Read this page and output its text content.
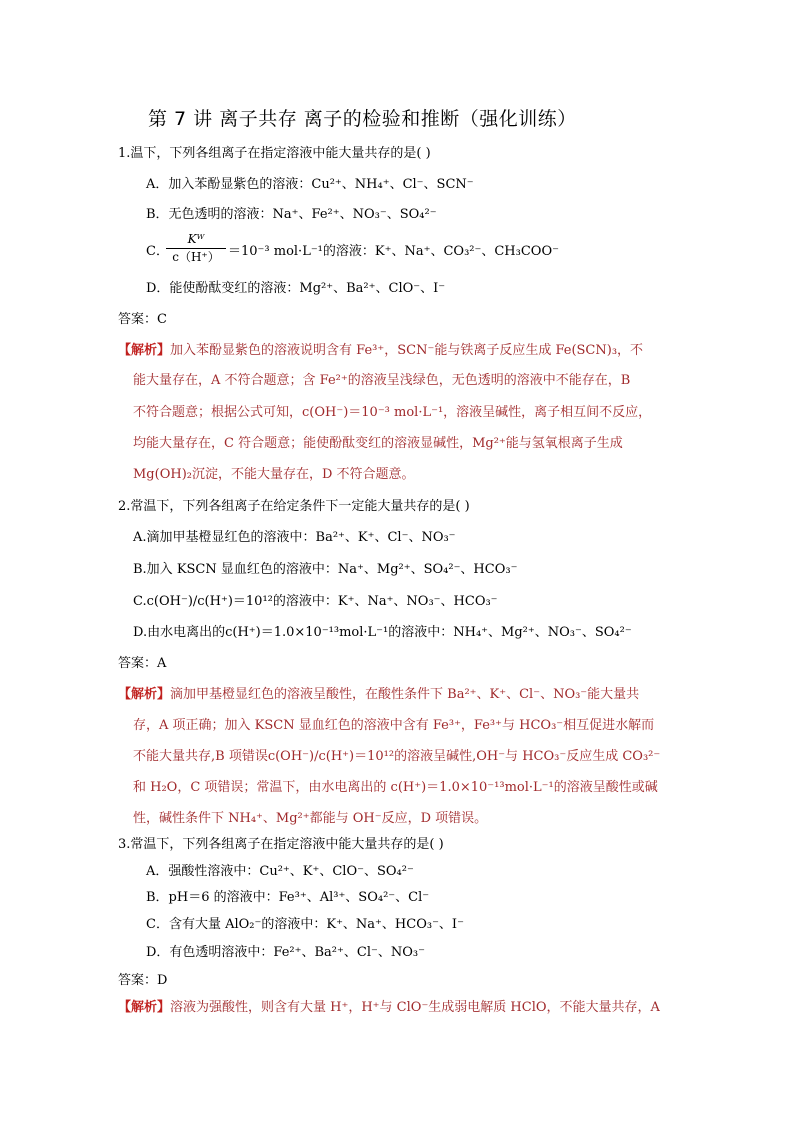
第 7 讲 离子共存 离子的检验和推断（强化训练）
1.温下，下列各组离子在指定溶液中能大量共存的是( )
A．加入苯酚显紫色的溶液：Cu²⁺、NH₄⁺、Cl⁻、SCN⁻
B．无色透明的溶液：Na⁺、Fe²⁺、NO₃⁻、SO₄²⁻
C．
$\frac{\text{Kᵂ}}{c(H^+)} =10^{-3}$ mol·L⁻¹的溶液：K⁺、Na⁺、CO₃²⁻、CH₃COO⁻
D．能使酚酞变红的溶液：Mg²⁺、Ba²⁺、ClO⁻、I⁻
答案：C
【解析】加入苯酚显紫色的溶液说明含有 Fe³⁺，SCN⁻能与铁离子反应生成 Fe(SCN)₃，不
能大量存在，A 不符合题意；含 Fe²⁺的溶液呈浅绿色，无色透明的溶液中不能存在，B
不符合题意；根据公式可知，c(OH⁻)＝10⁻³ mol·L⁻¹，溶液呈碱性，离子相互间不反应，
均能大量存在，C 符合题意；能使酚酞变红的溶液显碱性，Mg²⁺能与氢氧根离子生成
Mg(OH)₂沉淀，不能大量存在，D 不符合题意。
2.常温下，下列各组离子在给定条件下一定能大量共存的是( )
A.滴加甲基橙显红色的溶液中：Ba²⁺、K⁺、Cl⁻、NO₃⁻
B.加入 KSCN 显血红色的溶液中：Na⁺、Mg²⁺、SO₄²⁻、HCO₃⁻
C.c(OH⁻)/c(H⁺)＝10¹²的溶液中：K⁺、Na⁺、NO₃⁻、HCO₃⁻
D.由水电离出的c(H⁺)＝1.0×10⁻¹³mol·L⁻¹的溶液中：NH₄⁺、Mg²⁺、NO₃⁻、SO₄²⁻
答案：A
【解析】滴加甲基橙显红色的溶液呈酸性，在酸性条件下 Ba²⁺、K⁺、Cl⁻、NO₃⁻能大量共
存，A 项正确；加入 KSCN 显血红色的溶液中含有 Fe³⁺，Fe³⁺与 HCO₃⁻相互促进水解而
不能大量共存,B 项错误c(OH⁻)/c(H⁺)＝10¹²的溶液呈碱性,OH⁻与 HCO₃⁻反应生成 CO₃²⁻
和 H₂O，C 项错误；常温下，由水电离出的 c(H⁺)＝1.0×10⁻¹³mol·L⁻¹的溶液呈酸性或碱
性，碱性条件下 NH₄⁺、Mg²⁺都能与 OH⁻反应，D 项错误。
3.常温下，下列各组离子在指定溶液中能大量共存的是( )
A．强酸性溶液中：Cu²⁺、K⁺、ClO⁻、SO₄²⁻
B．pH＝6 的溶液中：Fe³⁺、Al³⁺、SO₄²⁻、Cl⁻
C．含有大量 AlO₂⁻的溶液中：K⁺、Na⁺、HCO₃⁻、I⁻
D．有色透明溶液中：Fe²⁺、Ba²⁺、Cl⁻、NO₃⁻
答案：D
【解析】溶液为强酸性，则含有大量 H⁺，H⁺与 ClO⁻生成弱电解质 HClO，不能大量共存，A
